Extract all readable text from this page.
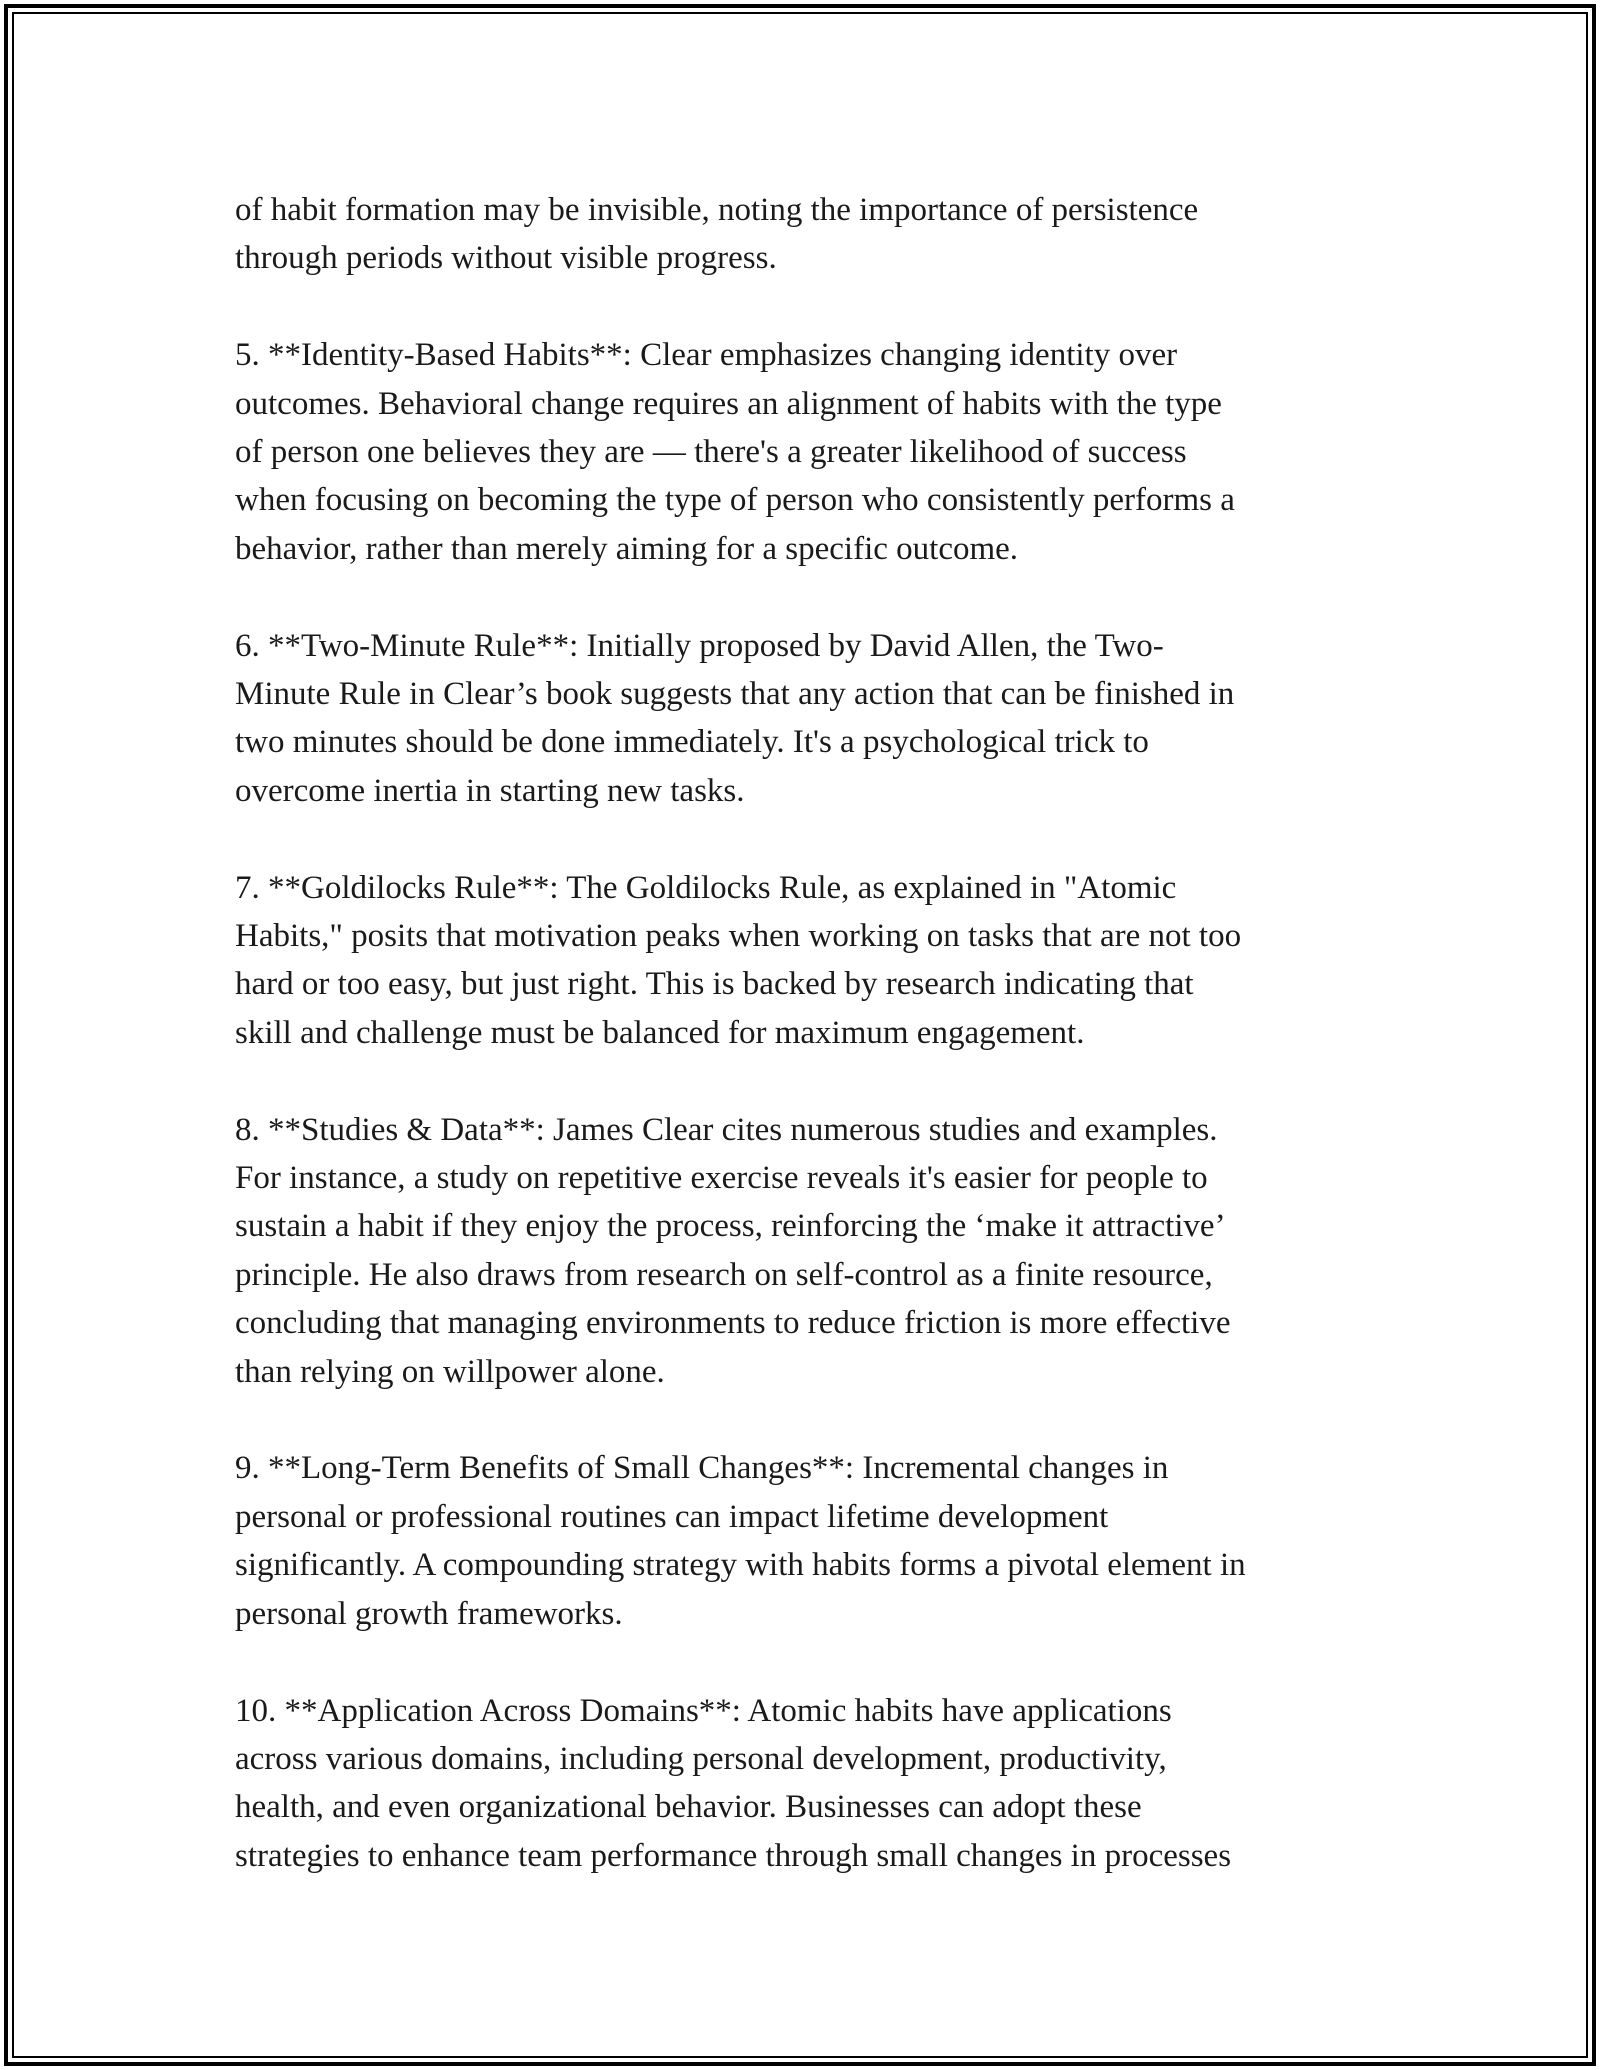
of habit formation may be invisible, noting the importance of persistence
through periods without visible progress.

5. **Identity-Based Habits**: Clear emphasizes changing identity over
outcomes. Behavioral change requires an alignment of habits with the type
of person one believes they are — there's a greater likelihood of success
when focusing on becoming the type of person who consistently performs a
behavior, rather than merely aiming for a specific outcome.

6. **Two-Minute Rule**: Initially proposed by David Allen, the Two-
Minute Rule in Clear’s book suggests that any action that can be finished in
two minutes should be done immediately. It's a psychological trick to
overcome inertia in starting new tasks.

7. **Goldilocks Rule**: The Goldilocks Rule, as explained in "Atomic
Habits," posits that motivation peaks when working on tasks that are not too
hard or too easy, but just right. This is backed by research indicating that
skill and challenge must be balanced for maximum engagement.

8. **Studies & Data**: James Clear cites numerous studies and examples.
For instance, a study on repetitive exercise reveals it's easier for people to
sustain a habit if they enjoy the process, reinforcing the ‘make it attractive’
principle. He also draws from research on self-control as a finite resource,
concluding that managing environments to reduce friction is more effective
than relying on willpower alone.

9. **Long-Term Benefits of Small Changes**: Incremental changes in
personal or professional routines can impact lifetime development
significantly. A compounding strategy with habits forms a pivotal element in
personal growth frameworks.

10. **Application Across Domains**: Atomic habits have applications
across various domains, including personal development, productivity,
health, and even organizational behavior. Businesses can adopt these
strategies to enhance team performance through small changes in processes
